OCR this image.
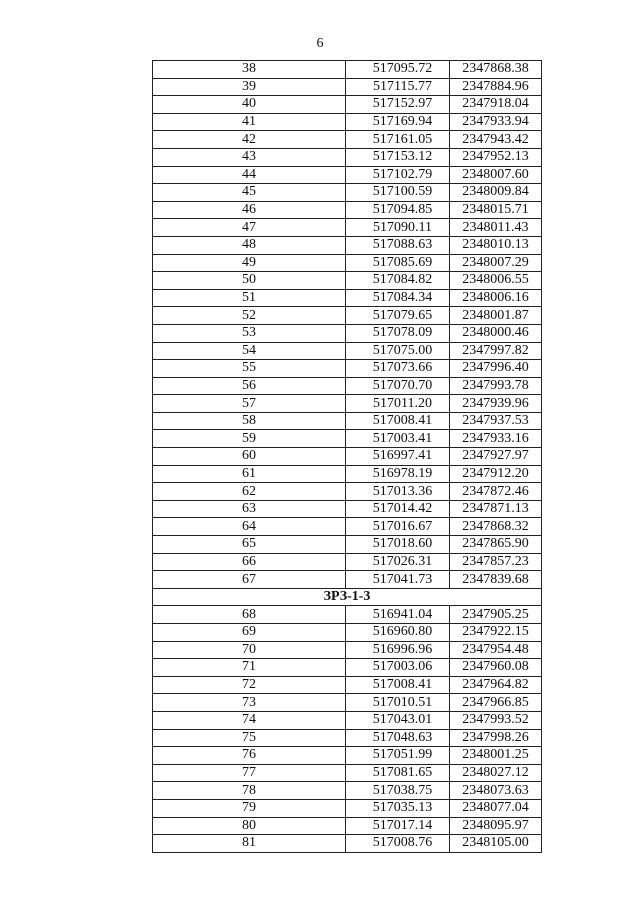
6
38	517095.72	2347868.38
39	517115.77	2347884.96
40	517152.97	2347918.04
41	517169.94	2347933.94
42	517161.05	2347943.42
43	517153.12	2347952.13
44	517102.79	2348007.60
45	517100.59	2348009.84
46	517094.85	2348015.71
47	517090.11	2348011.43
48	517088.63	2348010.13
49	517085.69	2348007.29
50	517084.82	2348006.55
51	517084.34	2348006.16
52	517079.65	2348001.87
53	517078.09	2348000.46
54	517075.00	2347997.82
55	517073.66	2347996.40
56	517070.70	2347993.78
57	517011.20	2347939.96
58	517008.41	2347937.53
59	517003.41	2347933.16
60	516997.41	2347927.97
61	516978.19	2347912.20
62	517013.36	2347872.46
63	517014.42	2347871.13
64	517016.67	2347868.32
65	517018.60	2347865.90
66	517026.31	2347857.23
67	517041.73	2347839.68
ЗРЗ-1-3		
68	516941.04	2347905.25
69	516960.80	2347922.15
70	516996.96	2347954.48
71	517003.06	2347960.08
72	517008.41	2347964.82
73	517010.51	2347966.85
74	517043.01	2347993.52
75	517048.63	2347998.26
76	517051.99	2348001.25
77	517081.65	2348027.12
78	517038.75	2348073.63
79	517035.13	2348077.04
80	517017.14	2348095.97
81	517008.76	2348105.00
